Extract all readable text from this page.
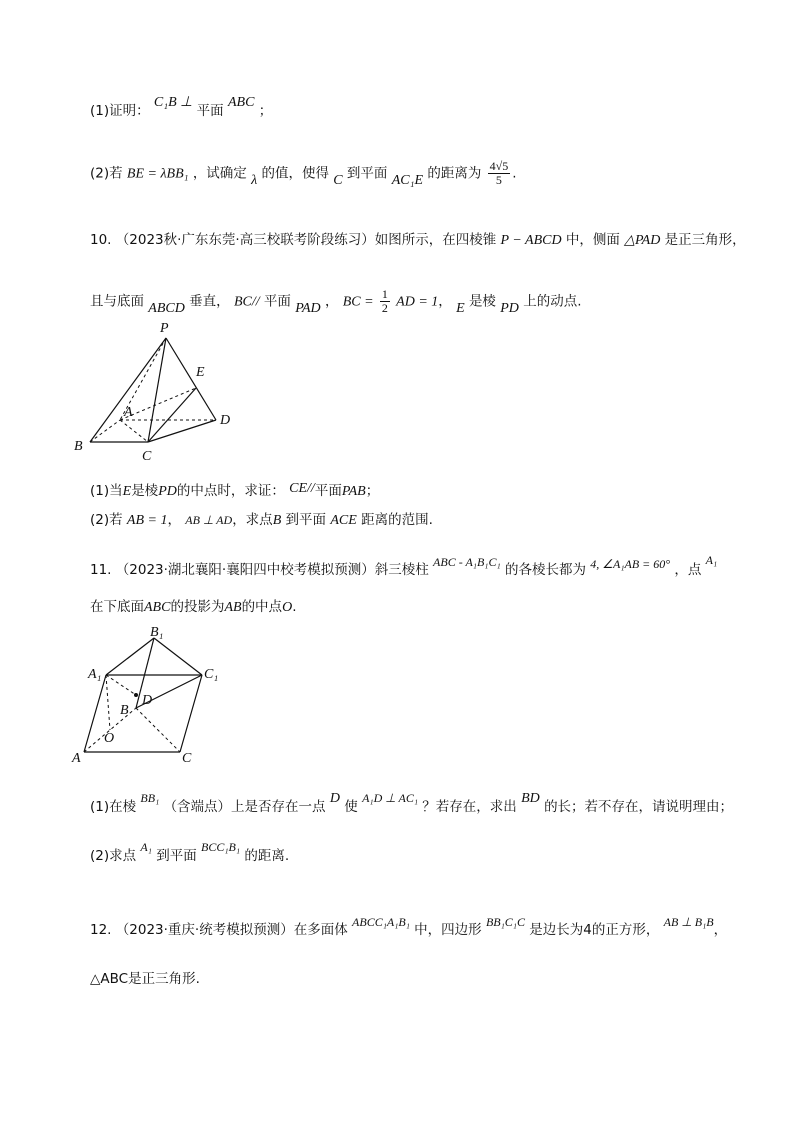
(1)证明： C₁B ⊥ 平面 ABC ；
(2)若 BE = λBB₁ ，试确定 λ 的值，使得 C 到平面 AC₁E 的距离为 $\frac{4√5}{5}$ .
10. （2023秋·广东东莞·高三校联考阶段练习）如图所示，在四棱锥 P − ABCD 中，侧面 △PAD 是正三角形，
且与底面 ABCD 垂直， BC// 平面 PAD ， BC = $\frac{1}{2}$ AD = 1， E 是棱 PD 上的动点.
P
E
A
D
B
C
(1)当E是棱PD的中点时，求证： CE//平面PAB；
(2)若 AB = 1， AB ⊥ AD，求点B 到平面 ACE 距离的范围.
11. （2023·湖北襄阳·襄阳四中校考模拟预测）斜三棱柱 ABC - A₁B₁C₁ 的各棱长都为 4, ∠A₁AB = 60° ，点 A₁
在下底面ABC的投影为AB的中点O.
B₁
A₁	C₁
D
B
O
A	C
(1)在棱 BB₁ （含端点）上是否存在一点 D 使 A₁D ⊥ AC₁ ？若存在，求出 BD 的长；若不存在，请说明理由；
(2)求点 A₁ 到平面 BCC₁B₁ 的距离.
12. （2023·重庆·统考模拟预测）在多面体 ABCC₁A₁B₁ 中，四边形 BB₁C₁C 是边长为4的正方形， AB ⊥ B₁B，
△ABC是正三角形.
